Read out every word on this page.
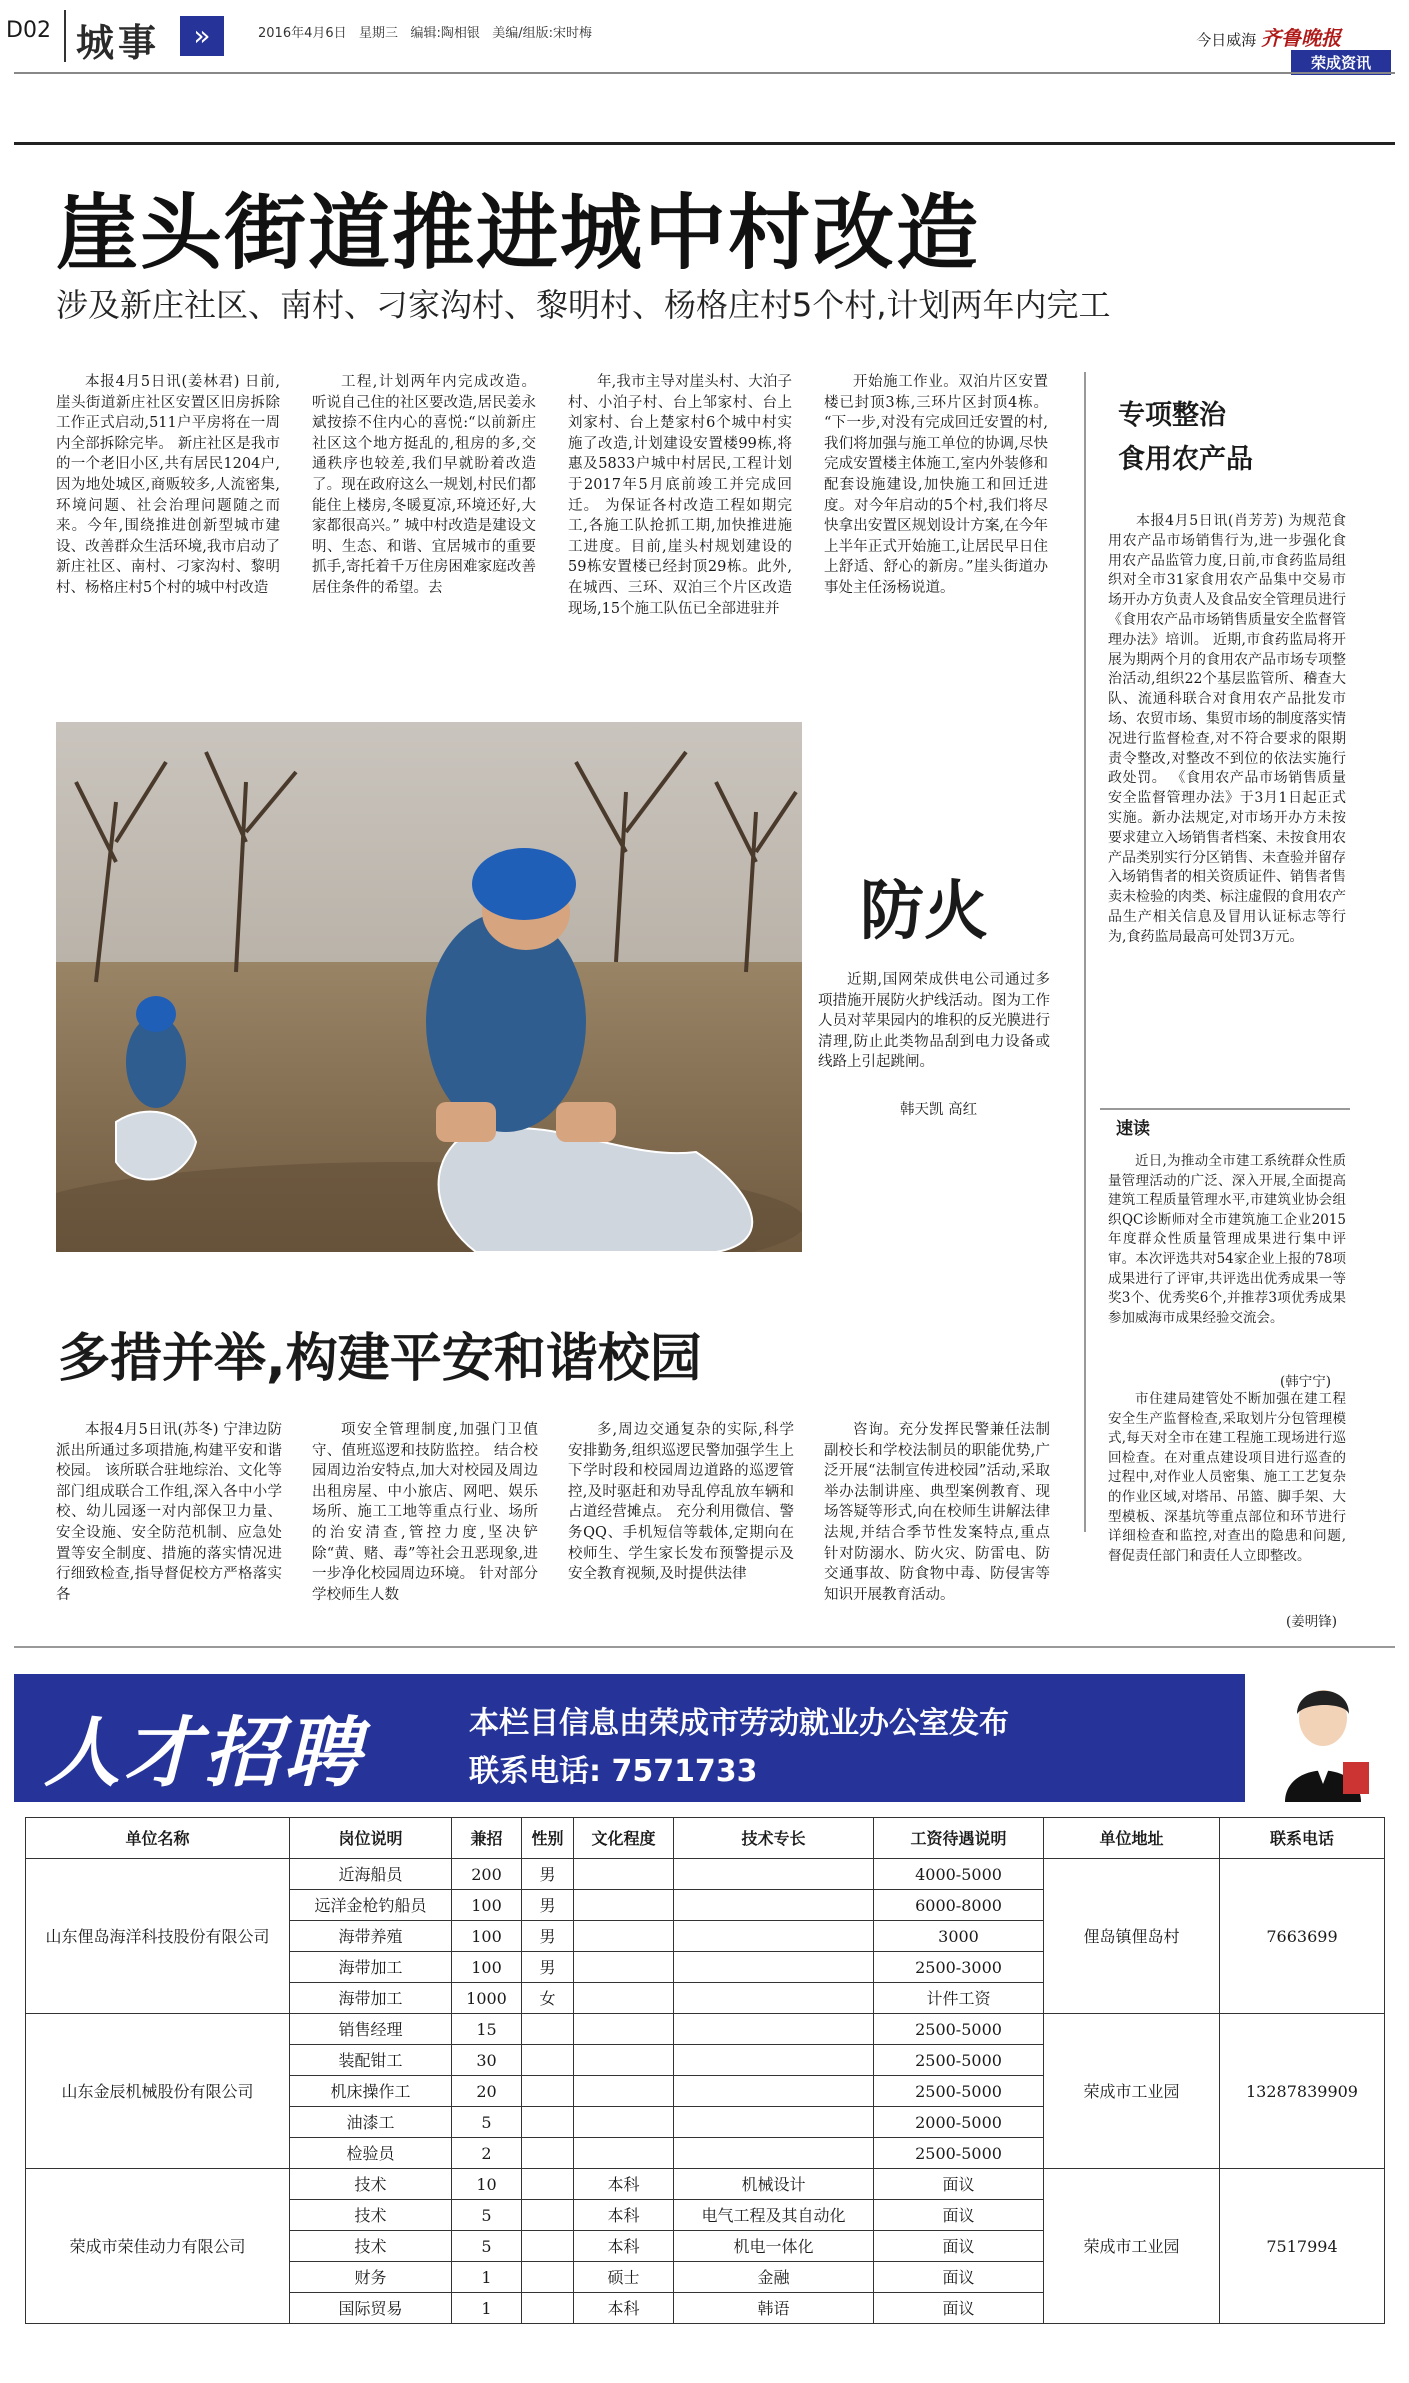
D02 城事	»	2016年4月6日 星期三 编辑:陶相银 美编/组版:宋时梅	今日威海 齐鲁晚报
荣成资讯
崖头街道推进城中村改造
涉及新庄社区、南村、刁家沟村、黎明村、杨格庄村5个村,计划两年内完工

本报4月5日讯(姜林君) 日前,崖头街道新庄社区安置区旧房拆除工作正式启动,511户平房将在一周内全部拆除完毕。 新庄社区是我市的一个老旧小区,共有居民1204户,因为地处城区,商贩较多,人流密集,环境问题、社会治理问题随之而来。今年,围绕推进创新型城市建设、改善群众生活环境,我市启动了新庄社区、南村、刁家沟村、黎明村、杨格庄村5个村的城中村改造

工程,计划两年内完成改造。 听说自己住的社区要改造,居民姜永斌按捺不住内心的喜悦:“以前新庄社区这个地方挺乱的,租房的多,交通秩序也较差,我们早就盼着改造了。现在政府这么一规划,村民们都能住上楼房,冬暖夏凉,环境还好,大家都很高兴。” 城中村改造是建设文明、生态、和谐、宜居城市的重要抓手,寄托着千万住房困难家庭改善居住条件的希望。去

年,我市主导对崖头村、大泊子村、小泊子村、台上邹家村、台上刘家村、台上楚家村6个城中村实施了改造,计划建设安置楼99栋,将惠及5833户城中村居民,工程计划于2017年5月底前竣工并完成回迁。 为保证各村改造工程如期完工,各施工队抢抓工期,加快推进施工进度。目前,崖头村规划建设的59栋安置楼已经封顶29栋。此外,在城西、三环、双泊三个片区改造现场,15个施工队伍已全部进驻并

开始施工作业。双泊片区安置楼已封顶3栋,三环片区封顶4栋。 “下一步,对没有完成回迁安置的村,我们将加强与施工单位的协调,尽快完成安置楼主体施工,室内外装修和配套设施建设,加快施工和回迁进度。对今年启动的5个村,我们将尽快拿出安置区规划设计方案,在今年上半年正式开始施工,让居民早日住上舒适、舒心的新房。”崖头街道办事处主任汤杨说道。

专项整治
食用农产品

本报4月5日讯(肖芳芳) 为规范食用农产品市场销售行为,进一步强化食用农产品监管力度,日前,市食药监局组织对全市31家食用农产品集中交易市场开办方负责人及食品安全管理员进行《食用农产品市场销售质量安全监督管理办法》培训。 近期,市食药监局将开展为期两个月的食用农产品市场专项整治活动,组织22个基层监管所、稽查大队、流通科联合对食用农产品批发市场、农贸市场、集贸市场的制度落实情况进行监督检查,对不符合要求的限期责令整改,对整改不到位的依法实施行政处罚。 《食用农产品市场销售质量安全监督管理办法》于3月1日起正式实施。新办法规定,对市场开办方未按要求建立入场销售者档案、未按食用农产品类别实行分区销售、未查验并留存入场销售者的相关资质证件、销售者售卖未检验的肉类、标注虚假的食用农产品生产相关信息及冒用认证标志等行为,食药监局最高可处罚3万元。

防火

近期,国网荣成供电公司通过多项措施开展防火护线活动。图为工作人员对苹果园内的堆积的反光膜进行清理,防止此类物品刮到电力设备或线路上引起跳闸。

韩天凯 高红
速读

近日,为推动全市建工系统群众性质量管理活动的广泛、深入开展,全面提高建筑工程质量管理水平,市建筑业协会组织QC诊断师对全市建筑施工企业2015年度群众性质量管理成果进行集中评审。本次评选共对54家企业上报的78项成果进行了评审,共评选出优秀成果一等奖3个、优秀奖6个,并推荐3项优秀成果参加威海市成果经验交流会。

(韩宁宁)

市住建局建管处不断加强在建工程安全生产监督检查,采取划片分包管理模式,每天对全市在建工程施工现场进行巡回检查。在对重点建设项目进行巡查的过程中,对作业人员密集、施工工艺复杂的作业区域,对塔吊、吊篮、脚手架、大型模板、深基坑等重点部位和环节进行详细检查和监控,对查出的隐患和问题,督促责任部门和责任人立即整改。

(姜明锋)
多措并举,构建平安和谐校园

本报4月5日讯(苏冬) 宁津边防派出所通过多项措施,构建平安和谐校园。 该所联合驻地综治、文化等部门组成联合工作组,深入各中小学校、幼儿园逐一对内部保卫力量、安全设施、安全防范机制、应急处置等安全制度、措施的落实情况进行细致检查,指导督促校方严格落实各

项安全管理制度,加强门卫值守、值班巡逻和技防监控。 结合校园周边治安特点,加大对校园及周边出租房屋、中小旅店、网吧、娱乐场所、施工工地等重点行业、场所的治安清查,管控力度,坚决铲除“黄、赌、毒”等社会丑恶现象,进一步净化校园周边环境。 针对部分学校师生人数

多,周边交通复杂的实际,科学安排勤务,组织巡逻民警加强学生上下学时段和校园周边道路的巡逻管控,及时驱赶和劝导乱停乱放车辆和占道经营摊点。 充分利用微信、警务QQ、手机短信等载体,定期向在校师生、学生家长发布预警提示及安全教育视频,及时提供法律

咨询。充分发挥民警兼任法制副校长和学校法制员的职能优势,广泛开展“法制宣传进校园”活动,采取举办法制讲座、典型案例教育、现场答疑等形式,向在校师生讲解法律法规,并结合季节性发案特点,重点针对防溺水、防火灾、防雷电、防交通事故、防食物中毒、防侵害等知识开展教育活动。

人才招聘	本栏目信息由荣成市劳动就业办公室发布
联系电话: 7571733
单位名称	岗位说明	兼招	性别	文化程度	技术专长	工资待遇说明	单位地址	联系电话
山东俚岛海洋科技股份有限公司	近海船员	200	男			4000-5000	俚岛镇俚岛村	7663699
	远洋金枪钓船员	100	男			6000-8000		
	海带养殖	100	男			3000		
	海带加工	100	男			2500-3000		
	海带加工	1000	女			计件工资		
山东金辰机械股份有限公司	销售经理	15				2500-5000	荣成市工业园	13287839909
	装配钳工	30				2500-5000		
	机床操作工	20				2500-5000		
	油漆工	5				2000-5000		
	检验员	2				2500-5000		
荣成市荣佳动力有限公司	技术	10		本科	机械设计	面议	荣成市工业园	7517994
	技术	5		本科	电气工程及其自动化	面议		
	技术	5		本科	机电一体化	面议		
	财务	1		硕士	金融	面议		
	国际贸易	1		本科	韩语	面议		
